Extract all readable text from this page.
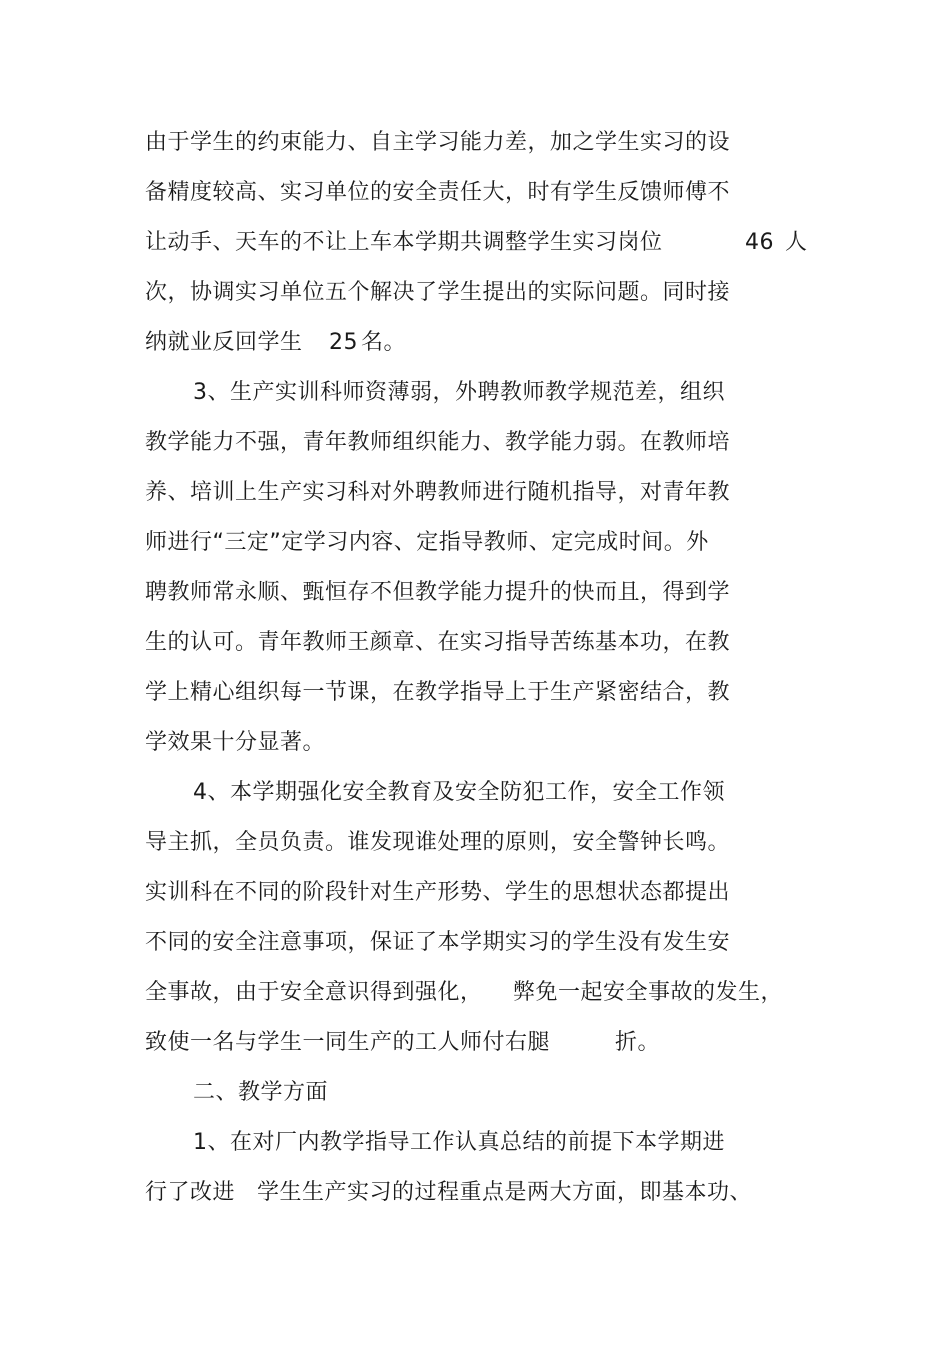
由于学生的约束能力、自主学习能力差，加之学生实习的设
备精度较高、实习单位的安全责任大，时有学生反馈师傅不
让动手、天车的不让上车本学期共调整学生实习岗位	46 人
次，协调实习单位五个解决了学生提出的实际问题。同时接
纳就业反回学生 25 名。
3、生产实训科师资薄弱，外聘教师教学规范差，组织
教学能力不强，青年教师组织能力、教学能力弱。在教师培
养、培训上生产实习科对外聘教师进行随机指导，对青年教
师进行“三定”定学习内容、定指导教师、定完成时间。外
聘教师常永顺、甄恒存不但教学能力提升的快而且，得到学
生的认可。青年教师王颜章、在实习指导苦练基本功，在教
学上精心组织每一节课，在教学指导上于生产紧密结合，教
学效果十分显著。
4、本学期强化安全教育及安全防犯工作，安全工作领
导主抓，全员负责。谁发现谁处理的原则，安全警钟长鸣。
实训科在不同的阶段针对生产形势、学生的思想状态都提出
不同的安全注意事项，保证了本学期实习的学生没有发生安
全事故，由于安全意识得到强化， 弊免一起安全事故的发生，
致使一名与学生一同生产的工人师付右腿	折。
二、教学方面
1、在对厂内教学指导工作认真总结的前提下本学期进
行了改进 学生生产实习的过程重点是两大方面，即基本功、
